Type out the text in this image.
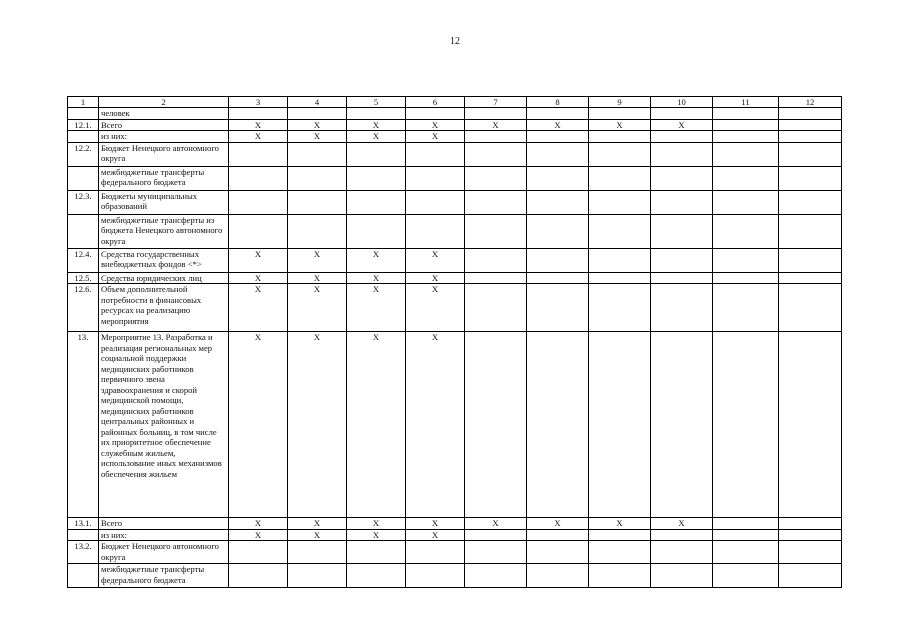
12
1	2	3	4	5	6	7	8	9	10	11	12
	человек										
12.1.	Всего	X	X	X	X	X	X	X	X		
	из них:	X	X	X	X						
12.2.	Бюджет Ненецкого автономного округа										
	межбюджетные трансферты федерального бюджета										
12.3.	Бюджеты муниципальных образований										
	межбюджетные трансферты из бюджета Ненецкого автономного округа										
12.4.	Средства государственных внебюджетных фондов <*>	X	X	X	X						
12.5.	Средства юридических лиц	X	X	X	X						
12.6.	Объем дополнительной потребности в финансовых ресурсах на реализацию мероприятия	X	X	X	X						
13.	Мероприятие 13. Разработка и реализация региональных мер социальной поддержки медицинских работников первичного звена здравоохранения и скорой медицинской помощи, медицинских работников центральных районных и районных больниц, в том числе их приоритетное обеспечение служебным жильем, использование иных механизмов обеспечения жильем	X	X	X	X						
13.1.	Всего	X	X	X	X	X	X	X	X		
	из них:	X	X	X	X						
13.2.	Бюджет Ненецкого автономного округа										
	межбюджетные трансферты федерального бюджета										
